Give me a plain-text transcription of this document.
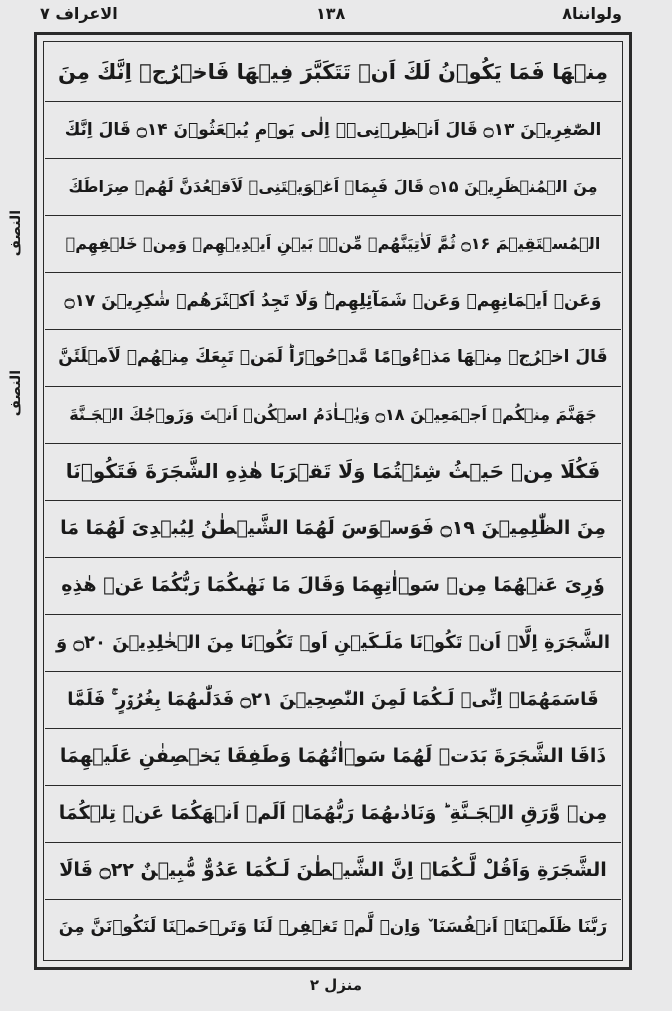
الاعراف ۷	۱۳۸	ولواننا۸
مِنۡهَا فَمَا يَكُوۡنُ لَكَ اَنۡ تَتَكَبَّرَ فِيۡهَا فَاخۡرُجۡ اِنَّكَ مِنَ
الصّٰغِرِيۡنَ ۝۱۳ قَالَ اَنۡظِرۡنِىۡۤ اِلٰى يَوۡمِ يُبۡعَثُوۡنَ ۝۱۴ قَالَ اِنَّكَ
مِنَ الۡمُنۡظَرِيۡنَ ۝۱۵ قَالَ فَبِمَاۤ اَغۡوَيۡتَنِىۡ لَاَقۡعُدَنَّ لَهُمۡ صِرَاطَكَ
الۡمُسۡتَقِيۡمَ ۝۱۶ ثُمَّ لَاٰتِيَنَّهُمۡ مِّنۡۢ بَيۡنِ اَيۡدِيۡهِمۡ وَمِنۡ خَلۡفِهِمۡ
وَعَنۡ اَيۡمَانِهِمۡ وَعَنۡ شَمَآئِلِهِمۡ‌ؕ وَلَا تَجِدُ اَكۡثَرَهُمۡ شٰكِرِيۡنَ ۝۱۷
قَالَ اخۡرُجۡ مِنۡهَا مَذۡءُوۡمًا مَّدۡحُوۡرًا‌ؕ لَمَنۡ تَبِعَكَ مِنۡهُمۡ لَاَمۡلَئَنَّ
جَهَنَّمَ مِنۡكُمۡ اَجۡمَعِيۡنَ ۝۱۸ وَيٰۤـاٰدَمُ اسۡكُنۡ اَنۡتَ وَزَوۡجُكَ الۡجَـنَّةَ
فَكُلَا مِنۡ حَيۡثُ شِئۡتُمَا وَلَا تَقۡرَبَا هٰذِهِ الشَّجَرَةَ فَتَكُوۡنَا
مِنَ الظّٰلِمِيۡنَ ۝۱۹ فَوَسۡوَسَ لَهُمَا الشَّيۡطٰنُ لِيُبۡدِىَ لَهُمَا مَا
وٗرِىَ عَنۡهُمَا مِنۡ سَوۡاٰتِهِمَا وَقَالَ مَا نَهٰٮكُمَا رَبُّكُمَا عَنۡ هٰذِهِ
الشَّجَرَةِ اِلَّاۤ اَنۡ تَكُوۡنَا مَلَـكَيۡنِ اَوۡ تَكُوۡنَا مِنَ الۡخٰلِدِيۡنَ ۝۲۰ وَ
قَاسَمَهُمَاۤ اِنِّىۡ لَـكُمَا لَمِنَ النّٰصِحِيۡنَ ۝۲۱ فَدَلّٰٮهُمَا بِغُرُوۡرٍ‌ ۚ فَلَمَّا
ذَاقَا الشَّجَرَةَ بَدَتۡ لَهُمَا سَوۡاٰتُهُمَا وَطَفِقَا يَخۡصِفٰنِ عَلَيۡهِمَا
مِنۡ وَّرَقِ الۡجَـنَّةِ‌ ؕ وَنَادٰٮهُمَا رَبُّهُمَاۤ اَلَمۡ اَنۡهَكُمَا عَنۡ تِلۡكُمَا
الشَّجَرَةِ وَاَقُلْ لَّـكُمَاۤ اِنَّ الشَّيۡطٰنَ لَـكُمَا عَدُوٌّ مُّبِيۡنٌ ۝۲۲ قَالَا
رَبَّنَا ظَلَمۡنَاۤ اَنۡفُسَنَا ٚ وَاِنۡ لَّمۡ تَغۡفِرۡ لَنَا وَتَرۡحَمۡنَا لَنَكُوۡنَنَّ مِنَ
النصف
النصف
منزل ۲
